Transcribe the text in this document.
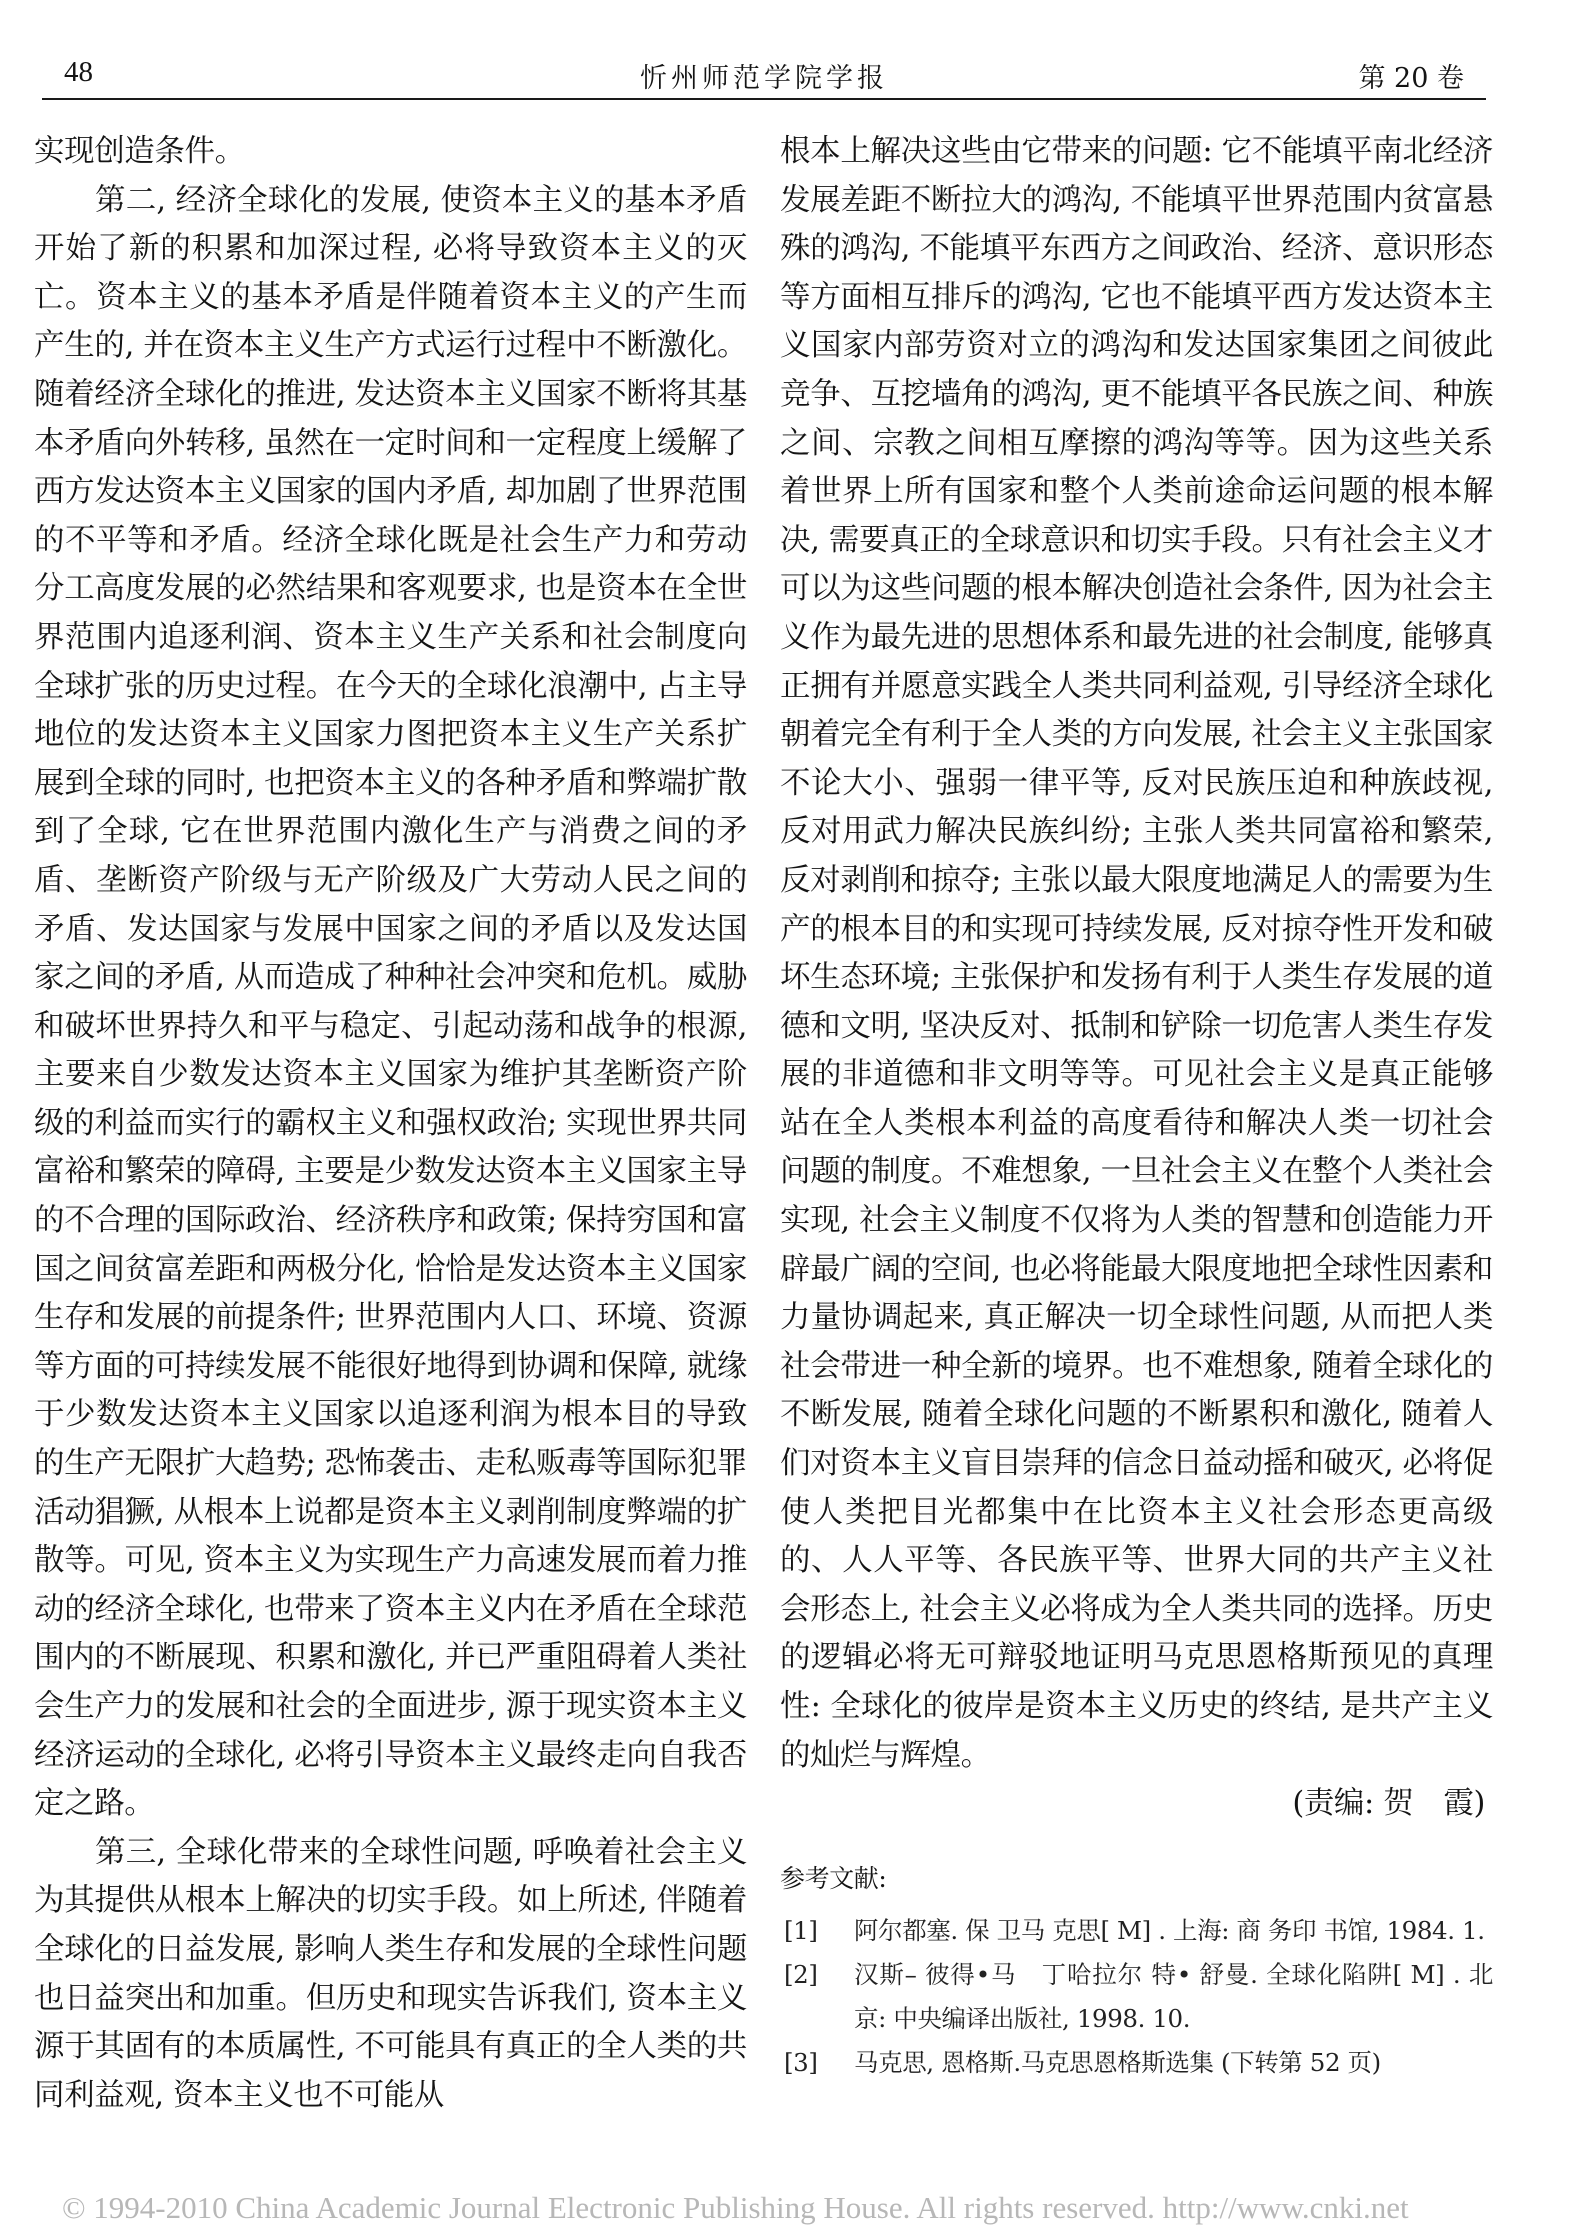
48	忻州师范学院学报	第 20 卷

实现创造条件。

第二, 经济全球化的发展, 使资本主义的基本矛盾开始了新的积累和加深过程, 必将导致资本主义的灭亡。资本主义的基本矛盾是伴随着资本主义的产生而产生的, 并在资本主义生产方式运行过程中不断激化。随着经济全球化的推进, 发达资本主义国家不断将其基本矛盾向外转移, 虽然在一定时间和一定程度上缓解了西方发达资本主义国家的国内矛盾, 却加剧了世界范围的不平等和矛盾。经济全球化既是社会生产力和劳动分工高度发展的必然结果和客观要求, 也是资本在全世界范围内追逐利润、资本主义生产关系和社会制度向全球扩张的历史过程。在今天的全球化浪潮中, 占主导地位的发达资本主义国家力图把资本主义生产关系扩展到全球的同时, 也把资本主义的各种矛盾和弊端扩散到了全球, 它在世界范围内激化生产与消费之间的矛盾、垄断资产阶级与无产阶级及广大劳动人民之间的矛盾、发达国家与发展中国家之间的矛盾以及发达国家之间的矛盾, 从而造成了种种社会冲突和危机。威胁和破坏世界持久和平与稳定、引起动荡和战争的根源, 主要来自少数发达资本主义国家为维护其垄断资产阶级的利益而实行的霸权主义和强权政治; 实现世界共同富裕和繁荣的障碍, 主要是少数发达资本主义国家主导的不合理的国际政治、经济秩序和政策; 保持穷国和富国之间贫富差距和两极分化, 恰恰是发达资本主义国家生存和发展的前提条件; 世界范围内人口、环境、资源等方面的可持续发展不能很好地得到协调和保障, 就缘于少数发达资本主义国家以追逐利润为根本目的导致的生产无限扩大趋势; 恐怖袭击、走私贩毒等国际犯罪活动猖獗, 从根本上说都是资本主义剥削制度弊端的扩散等。可见, 资本主义为实现生产力高速发展而着力推动的经济全球化, 也带来了资本主义内在矛盾在全球范围内的不断展现、积累和激化, 并已严重阻碍着人类社会生产力的发展和社会的全面进步, 源于现实资本主义经济运动的全球化, 必将引导资本主义最终走向自我否定之路。

第三, 全球化带来的全球性问题, 呼唤着社会主义为其提供从根本上解决的切实手段。如上所述, 伴随着全球化的日益发展, 影响人类生存和发展的全球性问题也日益突出和加重。但历史和现实告诉我们, 资本主义源于其固有的本质属性, 不可能具有真正的全人类的共同利益观, 资本主义也不可能从

根本上解决这些由它带来的问题: 它不能填平南北经济发展差距不断拉大的鸿沟, 不能填平世界范围内贫富悬殊的鸿沟, 不能填平东西方之间政治、经济、意识形态等方面相互排斥的鸿沟, 它也不能填平西方发达资本主义国家内部劳资对立的鸿沟和发达国家集团之间彼此竞争、互挖墙角的鸿沟, 更不能填平各民族之间、种族之间、宗教之间相互摩擦的鸿沟等等。因为这些关系着世界上所有国家和整个人类前途命运问题的根本解决, 需要真正的全球意识和切实手段。只有社会主义才可以为这些问题的根本解决创造社会条件, 因为社会主义作为最先进的思想体系和最先进的社会制度, 能够真正拥有并愿意实践全人类共同利益观, 引导经济全球化朝着完全有利于全人类的方向发展, 社会主义主张国家不论大小、强弱一律平等, 反对民族压迫和种族歧视, 反对用武力解决民族纠纷; 主张人类共同富裕和繁荣, 反对剥削和掠夺; 主张以最大限度地满足人的需要为生产的根本目的和实现可持续发展, 反对掠夺性开发和破坏生态环境; 主张保护和发扬有利于人类生存发展的道德和文明, 坚决反对、抵制和铲除一切危害人类生存发展的非道德和非文明等等。可见社会主义是真正能够站在全人类根本利益的高度看待和解决人类一切社会问题的制度。不难想象, 一旦社会主义在整个人类社会实现, 社会主义制度不仅将为人类的智慧和创造能力开辟最广阔的空间, 也必将能最大限度地把全球性因素和力量协调起来, 真正解决一切全球性问题, 从而把人类社会带进一种全新的境界。也不难想象, 随着全球化的不断发展, 随着全球化问题的不断累积和激化, 随着人们对资本主义盲目崇拜的信念日益动摇和破灭, 必将促使人类把目光都集中在比资本主义社会形态更高级的、人人平等、各民族平等、世界大同的共产主义社会形态上, 社会主义必将成为全人类共同的选择。历史的逻辑必将无可辩驳地证明马克思恩格斯预见的真理性: 全球化的彼岸是资本主义历史的终结, 是共产主义的灿烂与辉煌。

(责编: 贺　霞)

参考文献:
[1]	阿尔都塞. 保 卫马 克思[ M] . 上海: 商 务印 书馆, 1984. 1.
[2]	汉斯– 彼得•马　丁哈拉尔 特• 舒曼. 全球化陷阱[ M] . 北京: 中央编译出版社, 1998. 10.
[3]	马克思, 恩格斯.马克思恩格斯选集 (下转第 52 页)
© 1994-2010 China Academic Journal Electronic Publishing House. All rights reserved. http://www.cnki.net
